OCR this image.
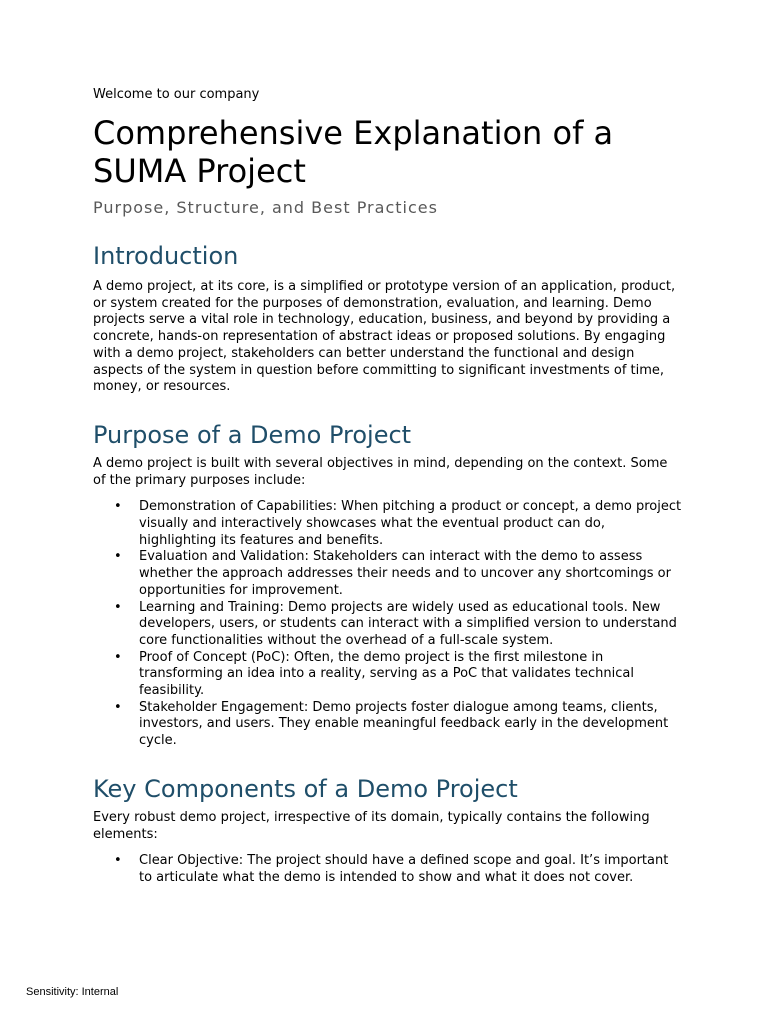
Welcome to our company

Comprehensive Explanation of a SUMA Project

Purpose, Structure, and Best Practices

Introduction

A demo project, at its core, is a simplified or prototype version of an application, product, or system created for the purposes of demonstration, evaluation, and learning. Demo projects serve a vital role in technology, education, business, and beyond by providing a concrete, hands-on representation of abstract ideas or proposed solutions. By engaging with a demo project, stakeholders can better understand the functional and design aspects of the system in question before committing to significant investments of time, money, or resources.

Purpose of a Demo Project

A demo project is built with several objectives in mind, depending on the context. Some of the primary purposes include:

• Demonstration of Capabilities: When pitching a product or concept, a demo project visually and interactively showcases what the eventual product can do, highlighting its features and benefits.
• Evaluation and Validation: Stakeholders can interact with the demo to assess whether the approach addresses their needs and to uncover any shortcomings or opportunities for improvement.
• Learning and Training: Demo projects are widely used as educational tools. New developers, users, or students can interact with a simplified version to understand core functionalities without the overhead of a full-scale system.
• Proof of Concept (PoC): Often, the demo project is the first milestone in transforming an idea into a reality, serving as a PoC that validates technical feasibility.
• Stakeholder Engagement: Demo projects foster dialogue among teams, clients, investors, and users. They enable meaningful feedback early in the development cycle.
Key Components of a Demo Project

Every robust demo project, irrespective of its domain, typically contains the following elements:

• Clear Objective: The project should have a defined scope and goal. It’s important to articulate what the demo is intended to show and what it does not cover.
Sensitivity: Internal
